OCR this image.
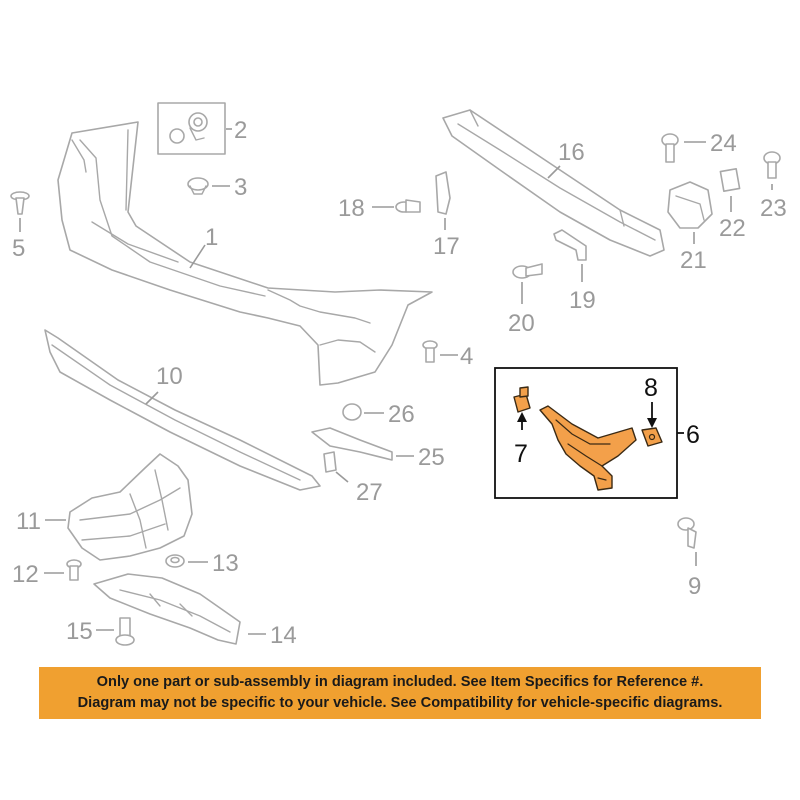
1
2
3
4
5
6
7
8
9
10
11
12	13
14
15
16
17
18
19
20
21
22
23
24
25
26
27
Only one part or sub-assembly in diagram included. See Item Specifics for Reference #.
Diagram may not be specific to your vehicle. See Compatibility for vehicle-specific diagrams.
